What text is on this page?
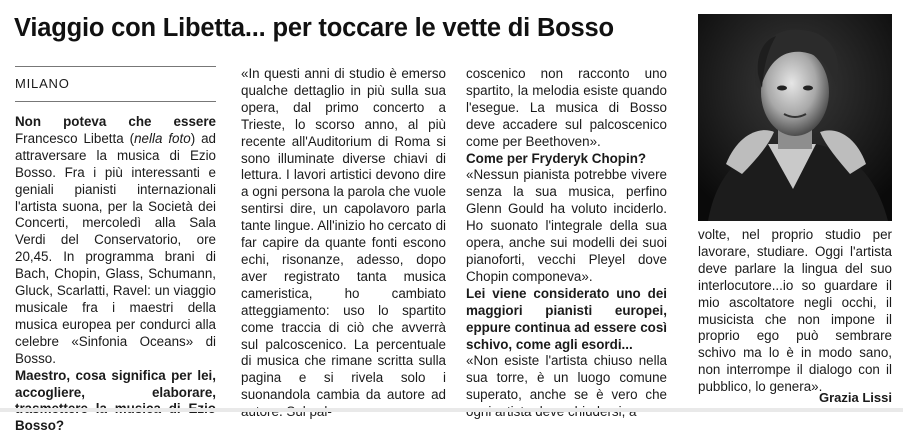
Viaggio con Libetta... per toccare le vette di Bosso
MILANO

Non poteva che essere Francesco Libetta (nella foto) ad attraversare la musica di Ezio Bosso. Fra i più interessanti e geniali pianisti internazionali l'artista suona, per la Società dei Concerti, mercoledì alla Sala Verdi del Conservatorio, ore 20,45. In programma brani di Bach, Chopin, Glass, Schumann, Gluck, Scarlatti, Ravel: un viaggio musicale fra i maestri della musica europea per condurci alla celebre «Sinfonia Oceans» di Bosso.

Maestro, cosa significa per lei, accogliere, elaborare, Bosso?

«In questi anni di studio è emerso qualche dettaglio in più sulla sua opera, dal primo concerto a Trieste, lo scorso anno, al più recente all'Auditorium di Roma si sono illuminate diverse chiavi di lettura. I lavori artistici devono dire a ogni persona la parola che vuole sentirsi dire, un capolavoro parla tante lingue. All'inizio ho cercato di far capire da quante fonti escono echi, risonanze, adesso, dopo aver registrato tanta musica cameristica, ho cambiato atteggiamento: uso lo spartito come traccia di ciò che avverrà sul palcoscenico. La percentuale di musica che rimane scritta sulla pagina e si rivela solo i suonandola cambia da autore ad

coscenico non racconto uno spartito, la melodia esiste quando l'esegue. La musica di Bosso deve accadere sul palcoscenico come per Beethoven».

Come per Fryderyk Chopin?

«Nessun pianista potrebbe vivere senza la sua musica, perfino Glenn Gould ha voluto inciderlo. Ho suonato l'integrale della sua opera, anche sui modelli dei suoi pianoforti, vecchi Pleyel dove Chopin componeva».

Lei viene considerato uno dei maggiori pianisti europei, eppure continua ad essere così schivo, come agli esordi...

«Non esiste l'artista chiuso nella sua torre, è un luogo comune superato, anche se è vero che

volte, nel proprio studio per lavorare, studiare. Oggi l'artista deve parlare la lingua del suo interlocutore...io so guardare il mio ascoltatore negli occhi, il musicista che non impone il proprio ego può sembrare schivo ma lo è in modo sano, non interrompe il dialogo con il pubblico, lo genera».

Grazia Lissi
